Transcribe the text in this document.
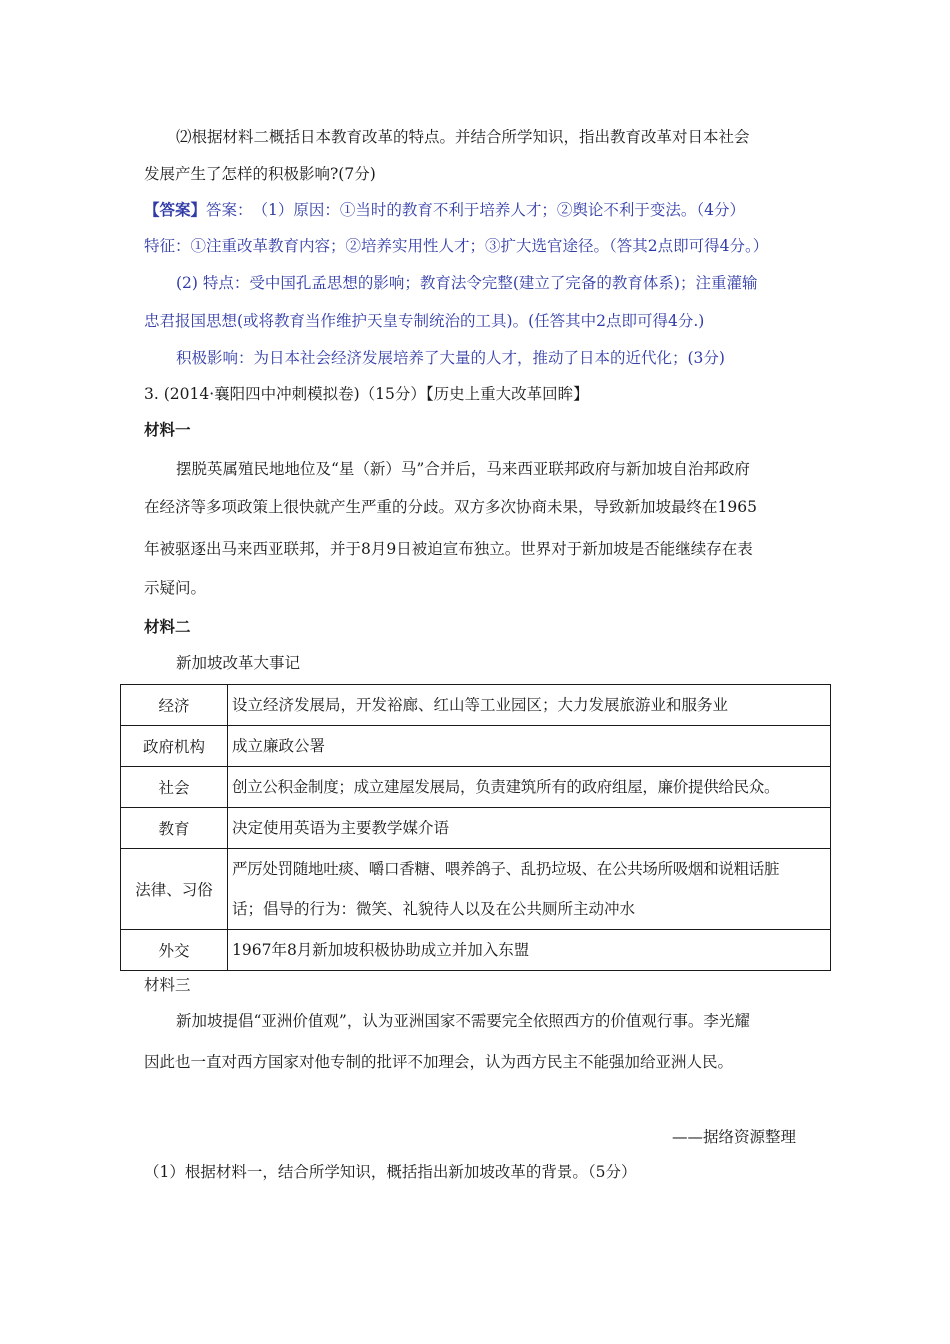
⑵根据材料二概括日本教育改革的特点。并结合所学知识，指出教育改革对日本社会
发展产生了怎样的积极影响?(7分)
【答案】答案：　（1）原因：①当时的教育不利于培养人才；②舆论不利于变法。（4分）
特征：①注重改革教育内容；②培养实用性人才；③扩大选官途径。（答其2点即可得4分。）
(2) 特点：受中国孔孟思想的影响；教育法令完整(建立了完备的教育体系)；注重灌输
忠君报国思想(或将教育当作维护天皇专制统治的工具)。(任答其中2点即可得4分.)
积极影响：为日本社会经济发展培养了大量的人才，推动了日本的近代化；(3分)
3. (2014·襄阳四中冲刺模拟卷)（15分）【历史上重大改革回眸】
材料一
摆脱英属殖民地地位及“星（新）马”合并后，马来西亚联邦政府与新加坡自治邦政府
在经济等多项政策上很快就产生严重的分歧。双方多次协商未果，导致新加坡最终在1965
年被驱逐出马来西亚联邦，并于8月9日被迫宣布独立。世界对于新加坡是否能继续存在表
示疑问。
材料二
新加坡改革大事记
经济	设立经济发展局，开发裕廊、红山等工业园区；大力发展旅游业和服务业
政府机构	成立廉政公署
社会	创立公积金制度；成立建屋发展局，负责建筑所有的政府组屋，廉价提供给民众。
教育	决定使用英语为主要教学媒介语
法律、习俗	严厉处罚随地吐痰、嚼口香糖、喂养鸽子、乱扔垃圾、在公共场所吸烟和说粗话脏
话；倡导的行为：微笑、礼貌待人以及在公共厕所主动冲水

外交	1967年8月新加坡积极协助成立并加入东盟
材料三
新加坡提倡“亚洲价值观”，认为亚洲国家不需要完全依照西方的价值观行事。李光耀
因此也一直对西方国家对他专制的批评不加理会，认为西方民主不能强加给亚洲人民。
——据络资源整理
（1）根据材料一，结合所学知识，概括指出新加坡改革的背景。（5分）
